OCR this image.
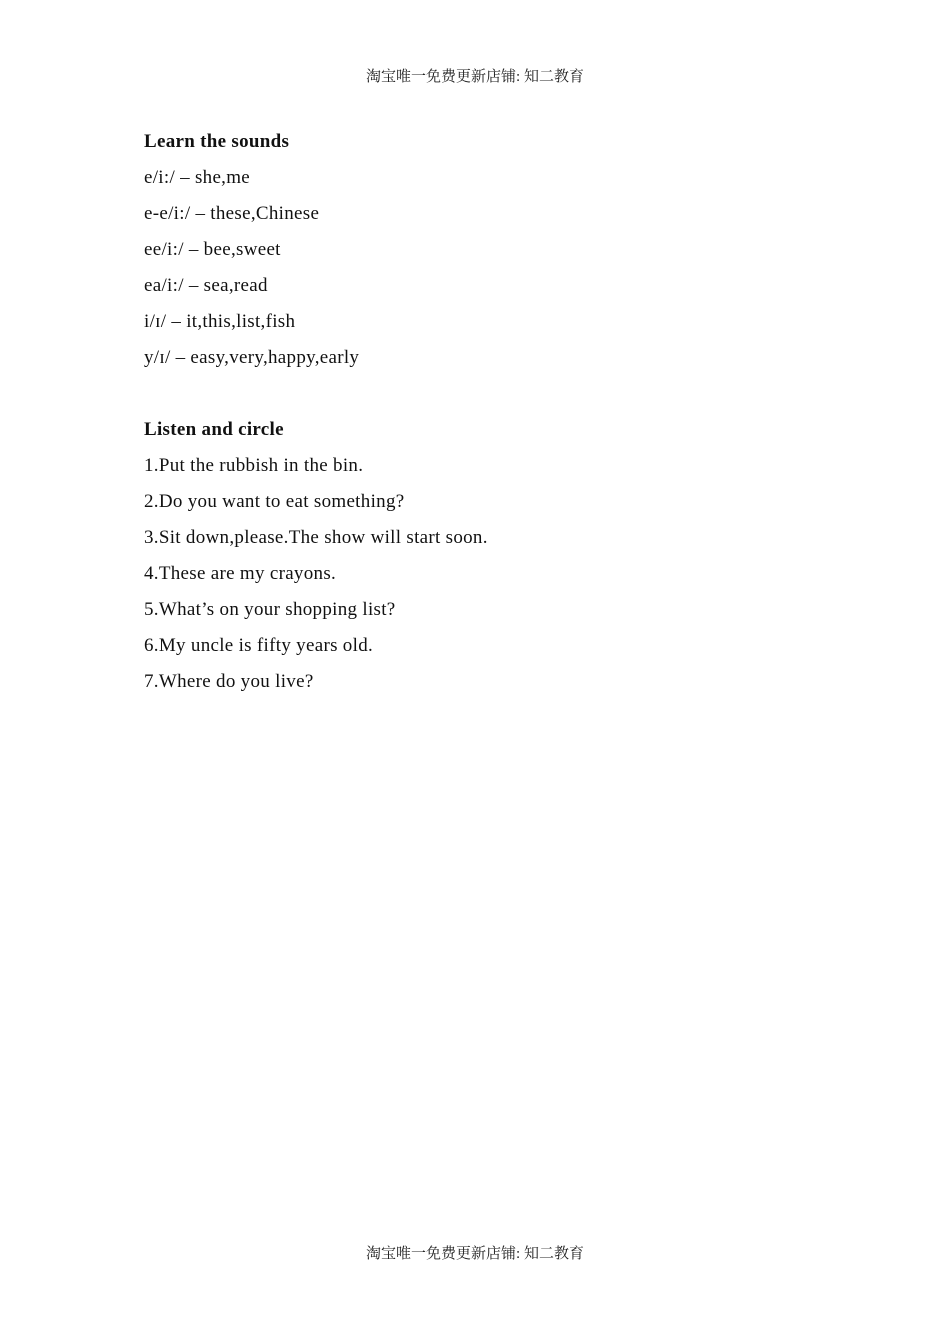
淘宝唯一免费更新店铺: 知二教育
Learn the sounds
e/i:/ – she,me
e-e/i:/ – these,Chinese
ee/i:/ – bee,sweet
ea/i:/ – sea,read
i/ɪ/ – it,this,list,fish
y/ɪ/ – easy,very,happy,early
Listen and circle
1.Put the rubbish in the bin.
2.Do you want to eat something?
3.Sit down,please.The show will start soon.
4.These are my crayons.
5.What’s on your shopping list?
6.My uncle is fifty years old.
7.Where do you live?
淘宝唯一免费更新店铺: 知二教育
